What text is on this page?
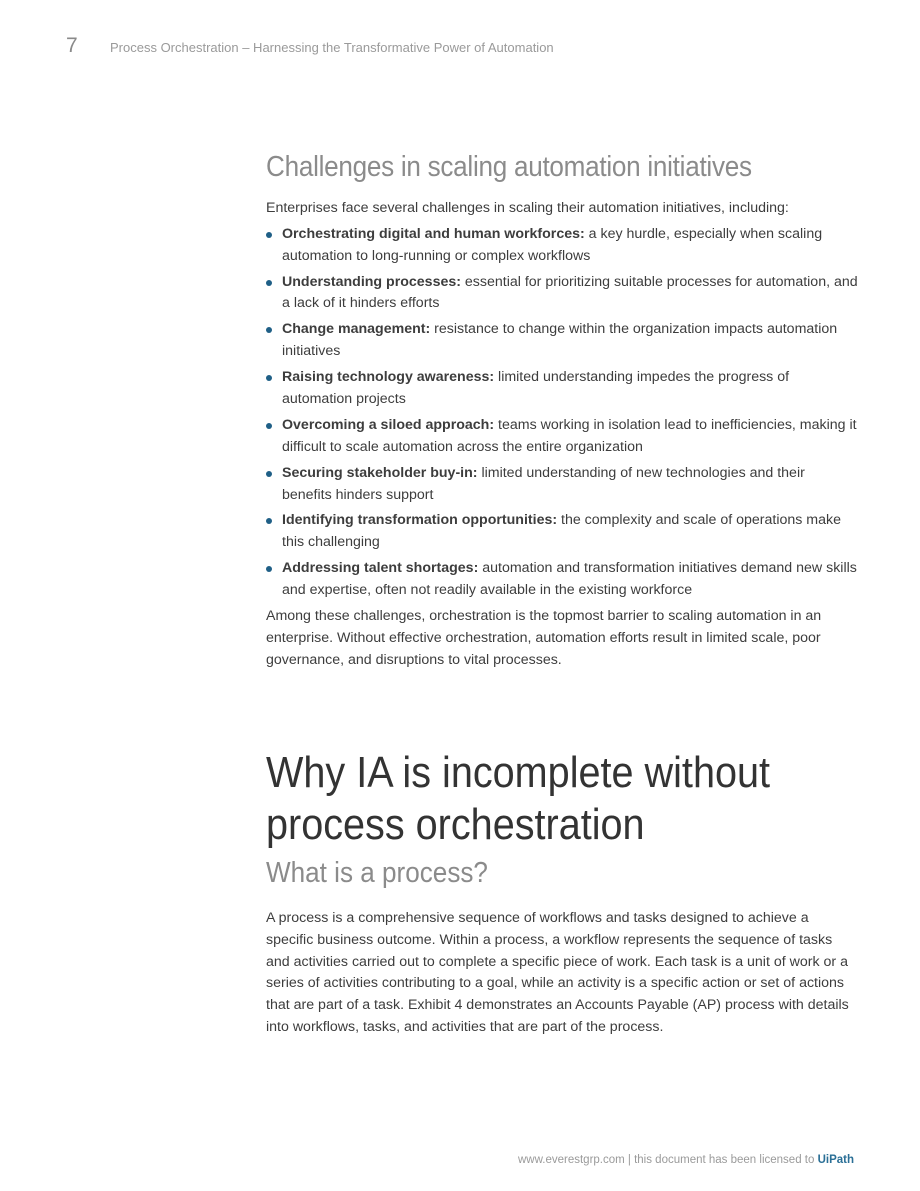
7	Process Orchestration – Harnessing the Transformative Power of Automation
Challenges in scaling automation initiatives

Enterprises face several challenges in scaling their automation initiatives, including:

Orchestrating digital and human workforces: a key hurdle, especially when scaling automation to long-running or complex workflows
Understanding processes: essential for prioritizing suitable processes for automation, and a lack of it hinders efforts
Change management: resistance to change within the organization impacts automation initiatives
Raising technology awareness: limited understanding impedes the progress of automation projects
Overcoming a siloed approach: teams working in isolation lead to inefficiencies, making it difficult to scale automation across the entire organization
Securing stakeholder buy-in: limited understanding of new technologies and their benefits hinders support
Identifying transformation opportunities: the complexity and scale of operations make this challenging
Addressing talent shortages: automation and transformation initiatives demand new skills and expertise, often not readily available in the existing workforce

Among these challenges, orchestration is the topmost barrier to scaling automation in an enterprise. Without effective orchestration, automation efforts result in limited scale, poor governance, and disruptions to vital processes.

Why IA is incomplete without
process orchestration
What is a process?

A process is a comprehensive sequence of workflows and tasks designed to achieve a specific business outcome. Within a process, a workflow represents the sequence of tasks and activities carried out to complete a specific piece of work. Each task is a unit of work or a series of activities contributing to a goal, while an activity is a specific action or set of actions that are part of a task. Exhibit 4 demonstrates an Accounts Payable (AP) process with details into workflows, tasks, and activities that are part of the process.

www.everestgrp.com | this document has been licensed to UiPath
